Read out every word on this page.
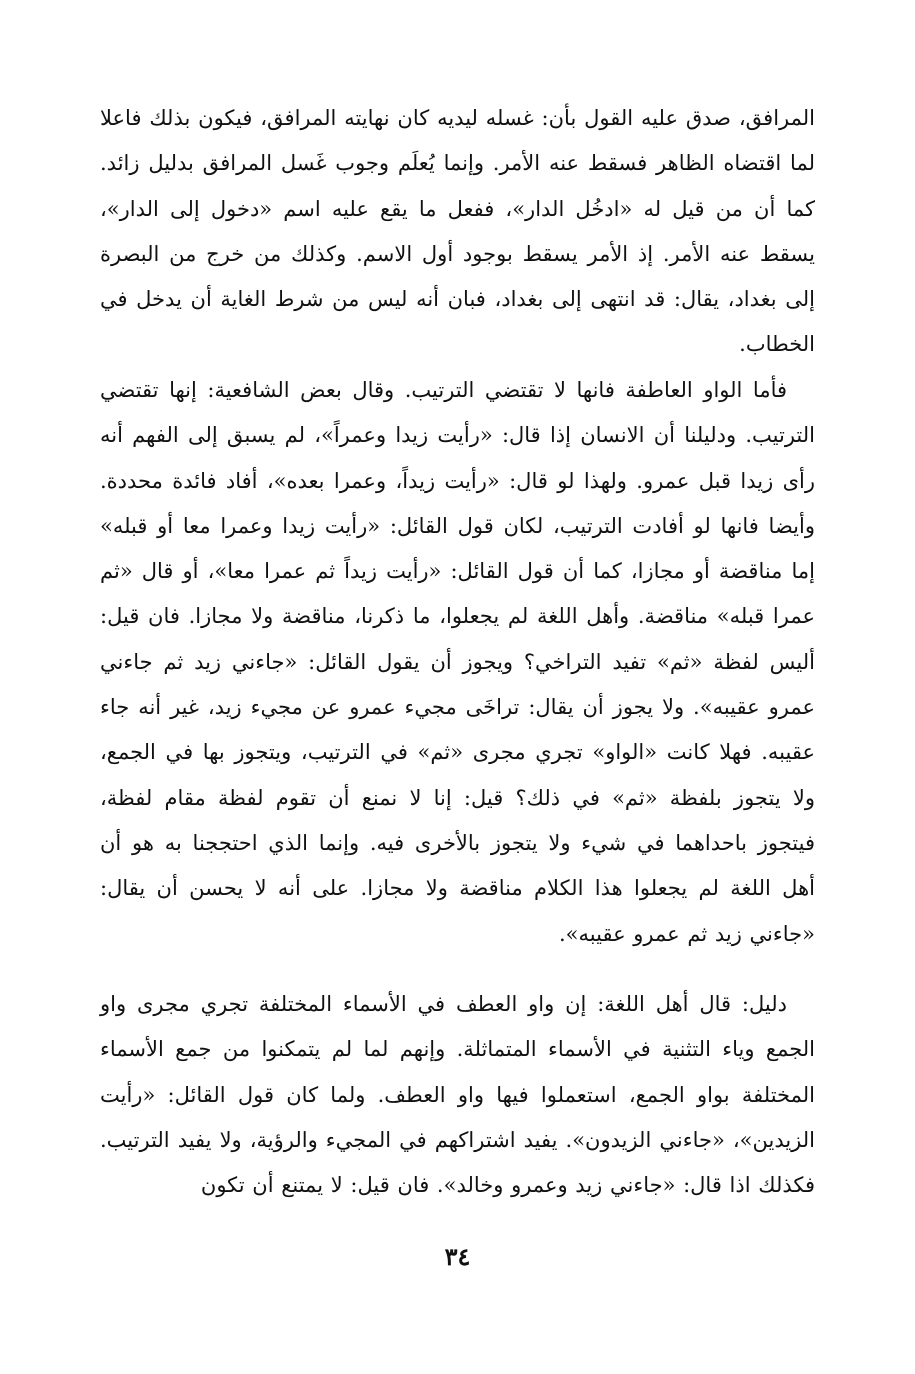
المرافق، صدق عليه القول بأن: غسله ليديه كان نهايته المرافق، فيكون بذلك فاعلا لما اقتضاه الظاهر فسقط عنه الأمر. وإنما يُعلَم وجوب غَسل المرافق بدليل زائد. كما أن من قيل له «ادخُل الدار»، ففعل ما يقع عليه اسم «دخول إلى الدار»، يسقط عنه الأمر. إذ الأمر يسقط بوجود أول الاسم. وكذلك من خرج من البصرة إلى بغداد، يقال: قد انتهى إلى بغداد، فبان أنه ليس من شرط الغاية أن يدخل في الخطاب.

فأما الواو العاطفة فانها لا تقتضي الترتيب. وقال بعض الشافعية: إنها تقتضي الترتيب. ودليلنا أن الانسان إذا قال: «رأيت زيدا وعمراً»، لم يسبق إلى الفهم أنه رأى زيدا قبل عمرو. ولهذا لو قال: «رأيت زيداً، وعمرا بعده»، أفاد فائدة محددة. وأيضا فانها لو أفادت الترتيب، لكان قول القائل: «رأيت زيدا وعمرا معا أو قبله» إما مناقضة أو مجازا، كما أن قول القائل: «رأيت زيداً ثم عمرا معا»، أو قال «ثم عمرا قبله» مناقضة. وأهل اللغة لم يجعلوا، ما ذكرنا، مناقضة ولا مجازا. فان قيل: أليس لفظة «ثم» تفيد التراخي؟ ويجوز أن يقول القائل: «جاءني زيد ثم جاءني عمرو عقيبه». ولا يجوز أن يقال: تراخَى مجيء عمرو عن مجيء زيد، غير أنه جاء عقيبه. فهلا كانت «الواو» تجري مجرى «ثم» في الترتيب، ويتجوز بها في الجمع، ولا يتجوز بلفظة «ثم» في ذلك؟ قيل: إنا لا نمنع أن تقوم لفظة مقام لفظة، فيتجوز باحداهما في شيء ولا يتجوز بالأخرى فيه. وإنما الذي احتججنا به هو أن أهل اللغة لم يجعلوا هذا الكلام مناقضة ولا مجازا. على أنه لا يحسن أن يقال: «جاءني زيد ثم عمرو عقيبه».

دليل: قال أهل اللغة: إن واو العطف في الأسماء المختلفة تجري مجرى واو الجمع وياء التثنية في الأسماء المتماثلة. وإنهم لما لم يتمكنوا من جمع الأسماء المختلفة بواو الجمع، استعملوا فيها واو العطف. ولما كان قول القائل: «رأيت الزيدين»، «جاءني الزيدون». يفيد اشتراكهم في المجيء والرؤية، ولا يفيد الترتيب. فكذلك اذا قال: «جاءني زيد وعمرو وخالد». فان قيل: لا يمتنع أن تكون

٣٤
